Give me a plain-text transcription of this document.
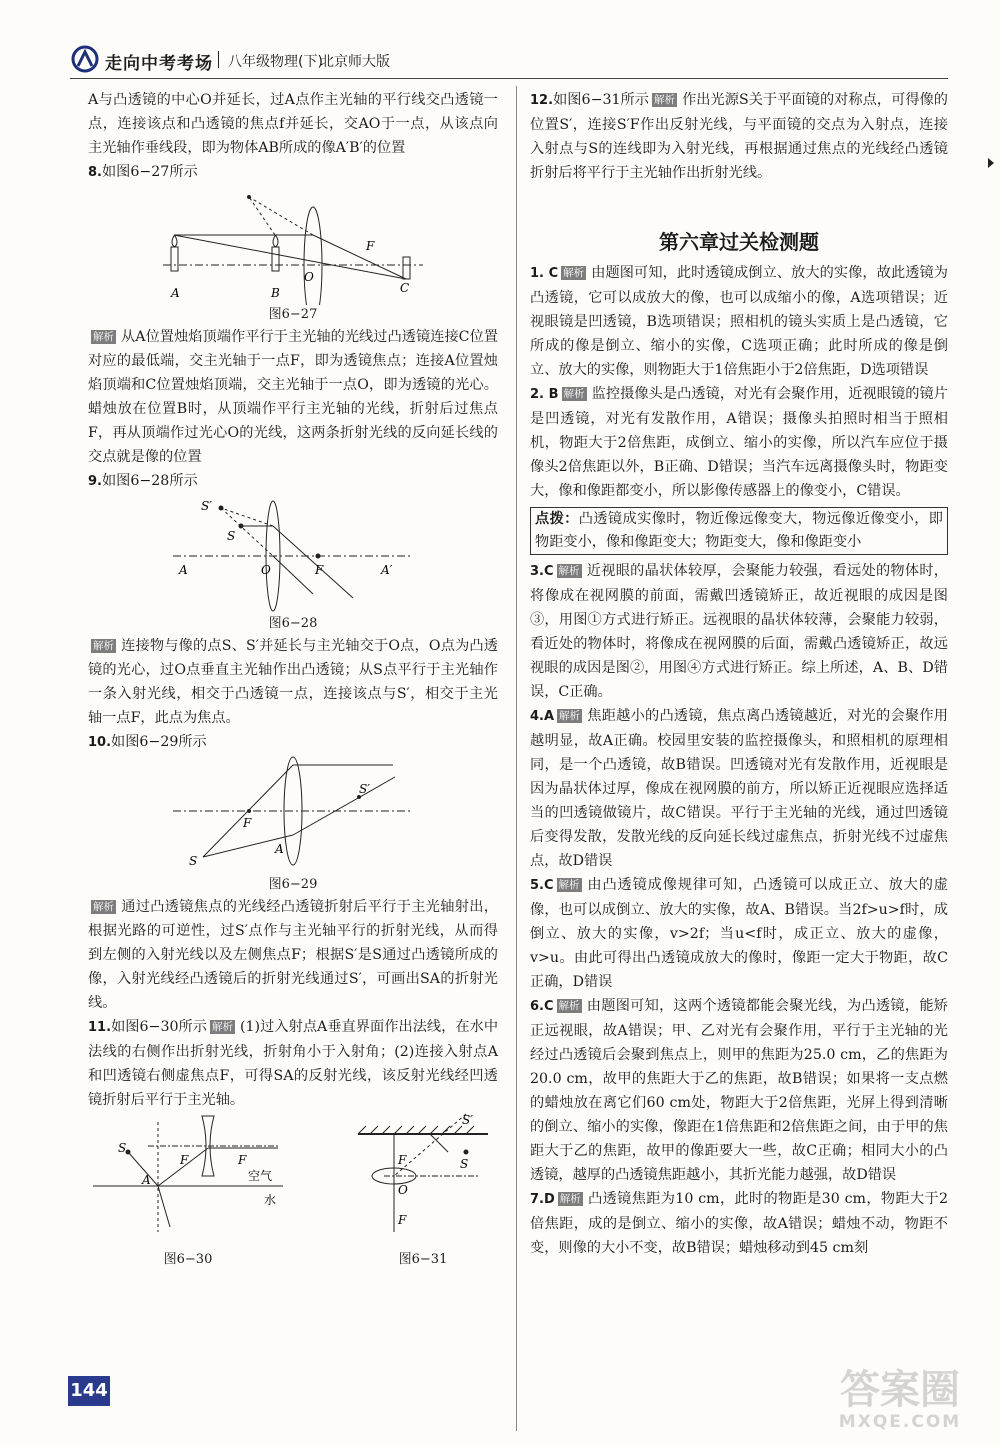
走向中考考场 八年级物理(下)
北京师大版

A与凸透镜的中心O并延长，过A点作主光轴的平行线交凸透镜一点，连接该点和凸透镜的焦点f并延长，交AO于一点，从该点向主光轴作垂线段，即为物体AB所成的像A′B′的位置

8.如图6−27所示

A	B	C
F
O
图6−27

解析 从A位置烛焰顶端作平行于主光轴的光线过凸透镜连接C位置对应的最低端，交主光轴于一点F，即为透镜焦点；连接A位置烛焰顶端和C位置烛焰顶端，交主光轴于一点O，即为透镜的光心。蜡烛放在位置B时，从顶端作平行主光轴的光线，折射后过焦点F，再从顶端作过光心O的光线，这两条折射光线的反向延长线的交点就是像的位置

9.如图6−28所示

S′
S
A	O	F	A′
图6−28

解析 连接物与像的点S、S′并延长与主光轴交于O点，O点为凸透镜的光心，过O点垂直主光轴作出凸透镜；从S点平行于主光轴作一条入射光线，相交于凸透镜一点，连接该点与S′，相交于主光轴一点F，此点为焦点。

10.如图6−29所示

F
S′
S
A
图6−29

解析 通过凸透镜焦点的光线经凸透镜折射后平行于主光轴射出，根据光路的可逆性，过S′点作与主光轴平行的折射光线，从而得到左侧的入射光线以及左侧焦点F；根据S′是S通过凸透镜所成的像，入射光线经凸透镜后的折射光线通过S′，可画出SA的折射光线。

11.如图6−30所示 解析 (1)过入射点A垂直界面作出法线，在水中法线的右侧作出折射光线，折射角小于入射角；(2)连接入射点A和凹透镜右侧虚焦点F，可得SA的反射光线，该反射光线经凹透镜折射后平行于主光轴。

S
A
F	F
空气
水
图6−30
S′
S
F
O
F
图6−31

12.如图6−31所示 解析 作出光源S关于平面镜的对称点，可得像的位置S′，连接S′F作出反射光线，与平面镜的交点为入射点，连接入射点与S的连线即为入射光线，再根据通过焦点的光线经凸透镜折射后将平行于主光轴作出折射光线。

第六章过关检测题

1. C 解析 由题图可知，此时透镜成倒立、放大的实像，故此透镜为凸透镜，它可以成放大的像，也可以成缩小的像，A选项错误；近视眼镜是凹透镜，B选项错误；照相机的镜头实质上是凸透镜，它所成的像是倒立、缩小的实像，C选项正确；此时所成的像是倒立、放大的实像，则物距大于1倍焦距小于2倍焦距，D选项错误

2. B 解析 监控摄像头是凸透镜，对光有会聚作用，近视眼镜的镜片是凹透镜，对光有发散作用，A错误；摄像头拍照时相当于照相机，物距大于2倍焦距，成倒立、缩小的实像，所以汽车应位于摄像头2倍焦距以外，B正确、D错误；当汽车远离摄像头时，物距变大，像和像距都变小，所以影像传感器上的像变小，C错误。

点拨：凸透镜成实像时，物近像远像变大，物远像近像变小，即物距变小，像和像距变大；物距变大，像和像距变小

3.C 解析 近视眼的晶状体较厚，会聚能力较强，看远处的物体时，将像成在视网膜的前面，需戴凹透镜矫正，故近视眼的成因是图③，用图①方式进行矫正。远视眼的晶状体较薄，会聚能力较弱，看近处的物体时，将像成在视网膜的后面，需戴凸透镜矫正，故远视眼的成因是图②，用图④方式进行矫正。综上所述，A、B、D错误，C正确。

4.A 解析 焦距越小的凸透镜，焦点离凸透镜越近，对光的会聚作用越明显，故A正确。校园里安装的监控摄像头，和照相机的原理相同，是一个凸透镜，故B错误。凹透镜对光有发散作用，近视眼是因为晶状体过厚，像成在视网膜的前方，所以矫正近视眼应选择适当的凹透镜做镜片，故C错误。平行于主光轴的光线，通过凹透镜后变得发散，发散光线的反向延长线过虚焦点，折射光线不过虚焦点，故D错误

5.C 解析 由凸透镜成像规律可知，凸透镜可以成正立、放大的虚像，也可以成倒立、放大的实像，故A、B错误。当2f>u>f时，成倒立、放大的实像，v>2f；当u<f时，成正立、放大的虚像，v>u。由此可得出凸透镜成放大的像时，像距一定大于物距，故C正确，D错误

6.C 解析 由题图可知，这两个透镜都能会聚光线，为凸透镜，能矫正远视眼，故A错误；甲、乙对光有会聚作用，平行于主光轴的光经过凸透镜后会聚到焦点上，则甲的焦距为25.0 cm，乙的焦距为20.0 cm，故甲的焦距大于乙的焦距，故B错误；如果将一支点燃的蜡烛放在离它们60 cm处，物距大于2倍焦距，光屏上得到清晰的倒立、缩小的实像，像距在1倍焦距和2倍焦距之间，由于甲的焦距大于乙的焦距，故甲的像距要大一些，故C正确；相同大小的凸透镜，越厚的凸透镜焦距越小，其折光能力越强，故D错误

7.D 解析 凸透镜焦距为10 cm，此时的物距是30 cm，物距大于2倍焦距，成的是倒立、缩小的实像，故A错误；蜡烛不动，物距不变，则像的大小不变，故B错误；蜡烛移动到45 cm刻

144	答案圈
MXQE.COM
